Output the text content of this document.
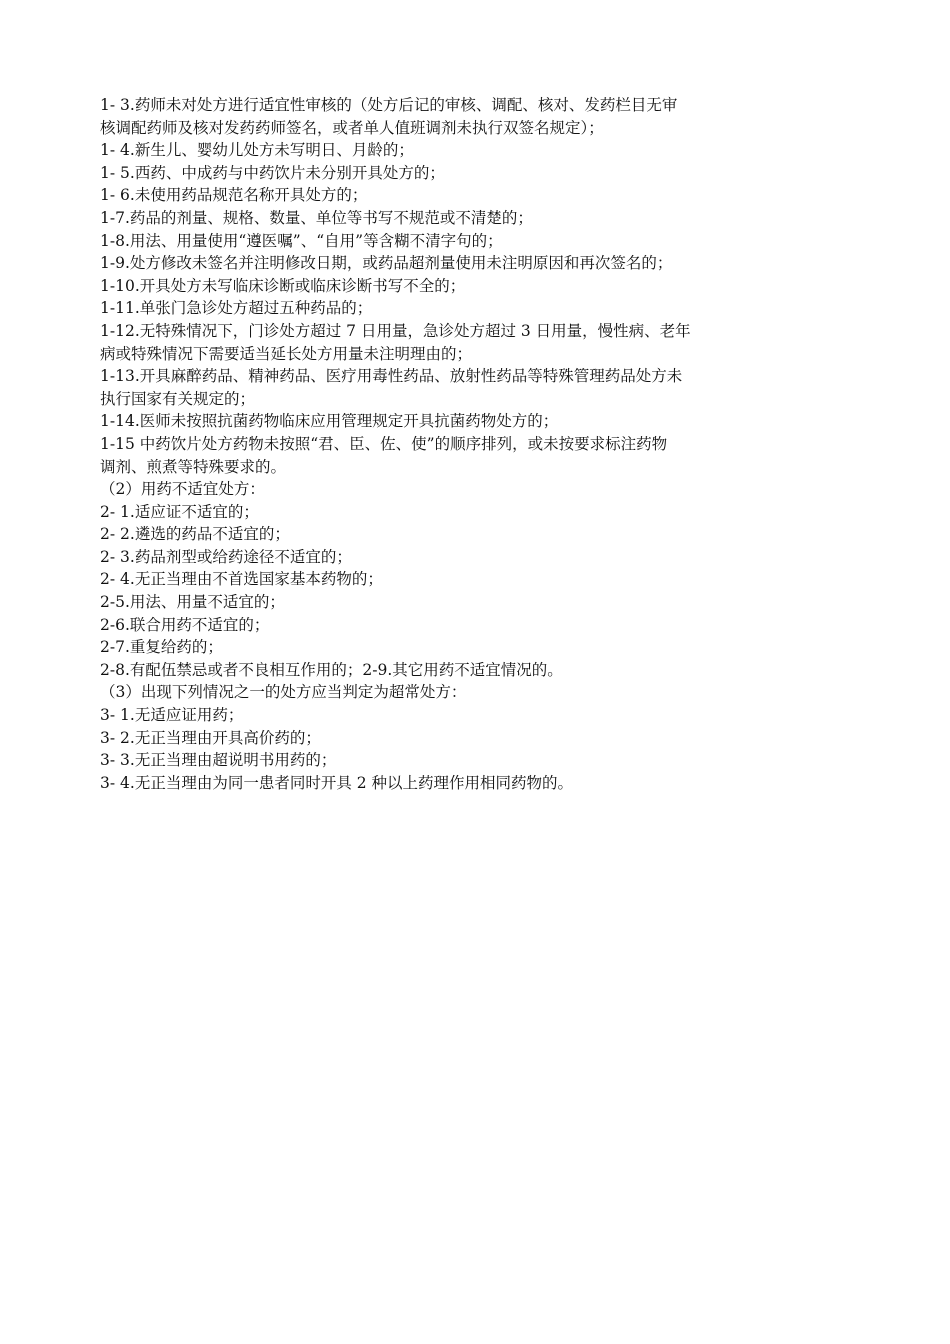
1- 3.药师未对处方进行适宜性审核的（处方后记的审核、调配、核对、发药栏目无审

核调配药师及核对发药药师签名，或者单人值班调剂未执行双签名规定）；

1- 4.新生儿、婴幼儿处方未写明日、月龄的；

1- 5.西药、中成药与中药饮片未分别开具处方的；

1- 6.未使用药品规范名称开具处方的；

1-7.药品的剂量、规格、数量、单位等书写不规范或不清楚的；

1-8.用法、用量使用“遵医嘱”、“自用”等含糊不清字句的；

1-9.处方修改未签名并注明修改日期，或药品超剂量使用未注明原因和再次签名的；

1-10.开具处方未写临床诊断或临床诊断书写不全的；

1-11.单张门急诊处方超过五种药品的；

1-12.无特殊情况下，门诊处方超过 7 日用量，急诊处方超过 3 日用量，慢性病、老年

病或特殊情况下需要适当延长处方用量未注明理由的；

1-13.开具麻醉药品、精神药品、医疗用毒性药品、放射性药品等特殊管理药品处方未

执行国家有关规定的；

1-14.医师未按照抗菌药物临床应用管理规定开具抗菌药物处方的；

1-15 中药饮片处方药物未按照“君、臣、佐、使”的顺序排列，或未按要求标注药物

调剂、煎煮等特殊要求的。

（2）用药不适宜处方：

2- 1.适应证不适宜的；

2- 2.遴选的药品不适宜的；

2- 3.药品剂型或给药途径不适宜的；

2- 4.无正当理由不首选国家基本药物的；

2-5.用法、用量不适宜的；

2-6.联合用药不适宜的；

2-7.重复给药的；

2-8.有配伍禁忌或者不良相互作用的；2-9.其它用药不适宜情况的。

（3）出现下列情况之一的处方应当判定为超常处方：

3- 1.无适应证用药；

3- 2.无正当理由开具高价药的；

3- 3.无正当理由超说明书用药的；

3- 4.无正当理由为同一患者同时开具 2 种以上药理作用相同药物的。
